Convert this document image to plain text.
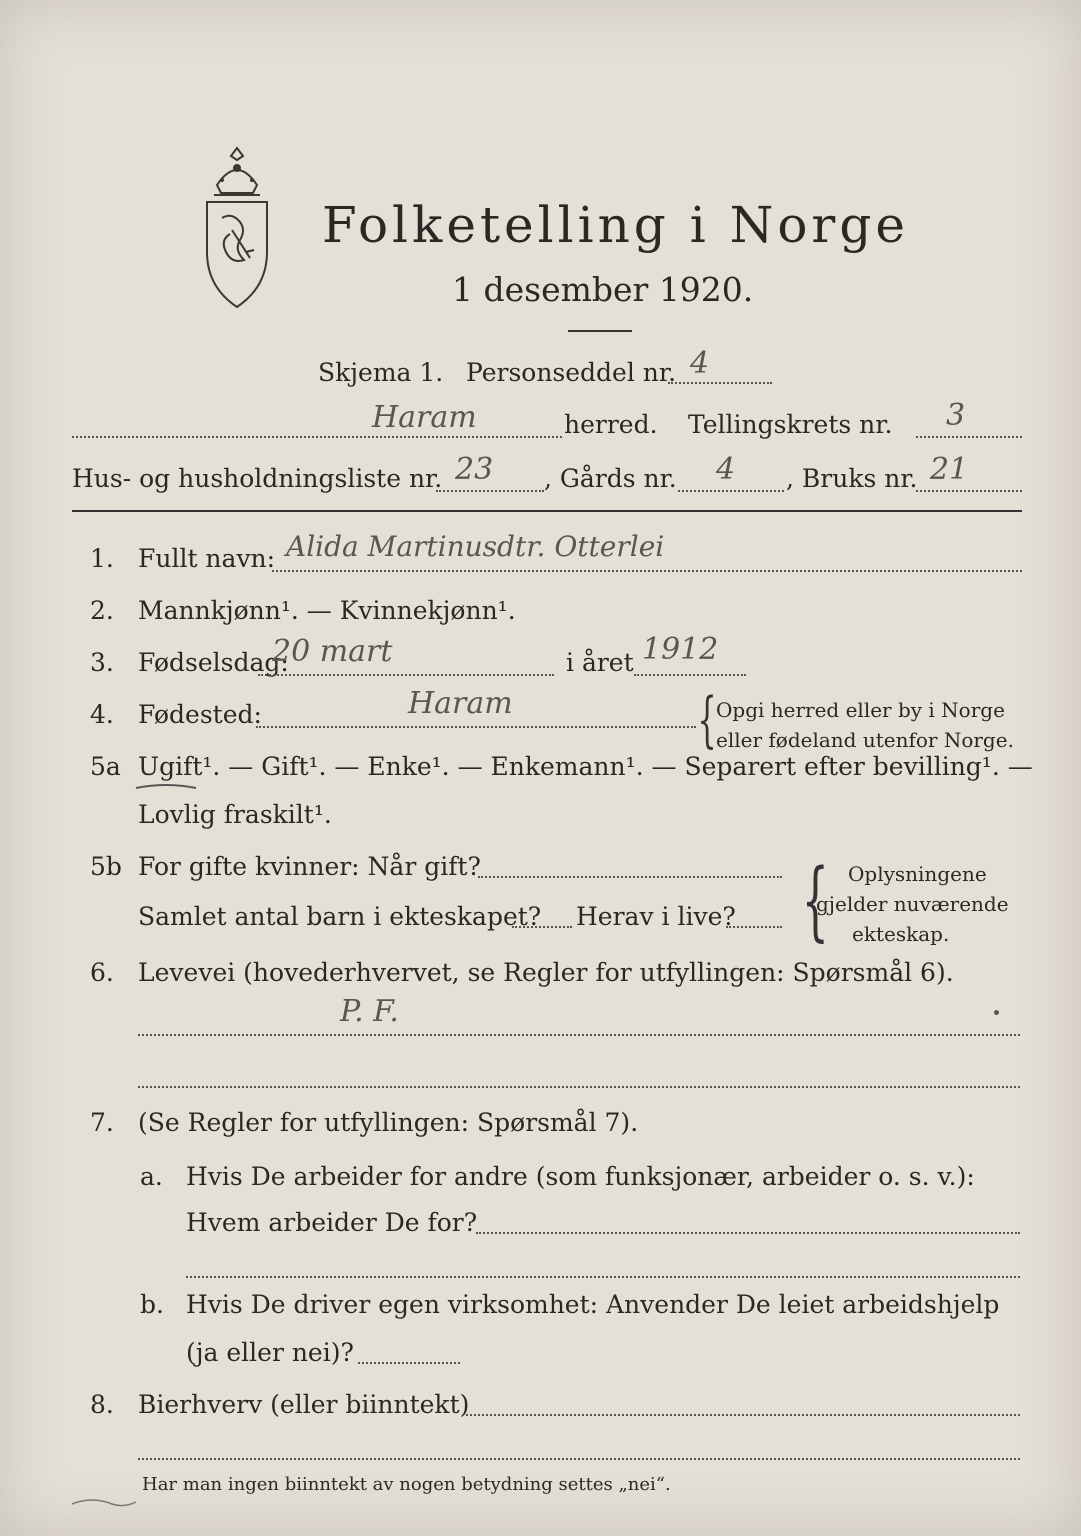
Folketelling i Norge
1 desember 1920.
Skjema 1. Personseddel nr. 4
Haram	herred. Tellingskrets nr. 3
Hus- og husholdningsliste nr. 23 , Gårds nr. 4 , Bruks nr. 21
1. Fullt navn: Alida Martinusdtr. Otterlei
2. Mannkjønn¹. — Kvinnekjønn¹.
3. Fødselsdag:
20 mart	i året 1912
4. Fødested:	Haram	{ Opgi herred eller by i Norge
eller fødeland utenfor Norge.
5a Ugift¹. — Gift¹. — Enke¹. — Enkemann¹. — Separert efter bevilling¹. —
Lovlig fraskilt¹.
5b For gifte kvinner: Når gift?
Samlet antal barn i ekteskapet? Herav i live? { Oplysningene
gjelder nuværende
ekteskap.
6. Levevei (hovederhvervet, se Regler for utfyllingen: Spørsmål 6).
P. F.
7. (Se Regler for utfyllingen: Spørsmål 7).
a. Hvis De arbeider for andre (som funksjonær, arbeider o. s. v.):
Hvem arbeider De for?
b. Hvis De driver egen virksomhet: Anvender De leiet arbeidshjelp
(ja eller nei)?
8. Bierhverv (eller biinntekt)
Har man ingen biinntekt av nogen betydning settes „nei“.
